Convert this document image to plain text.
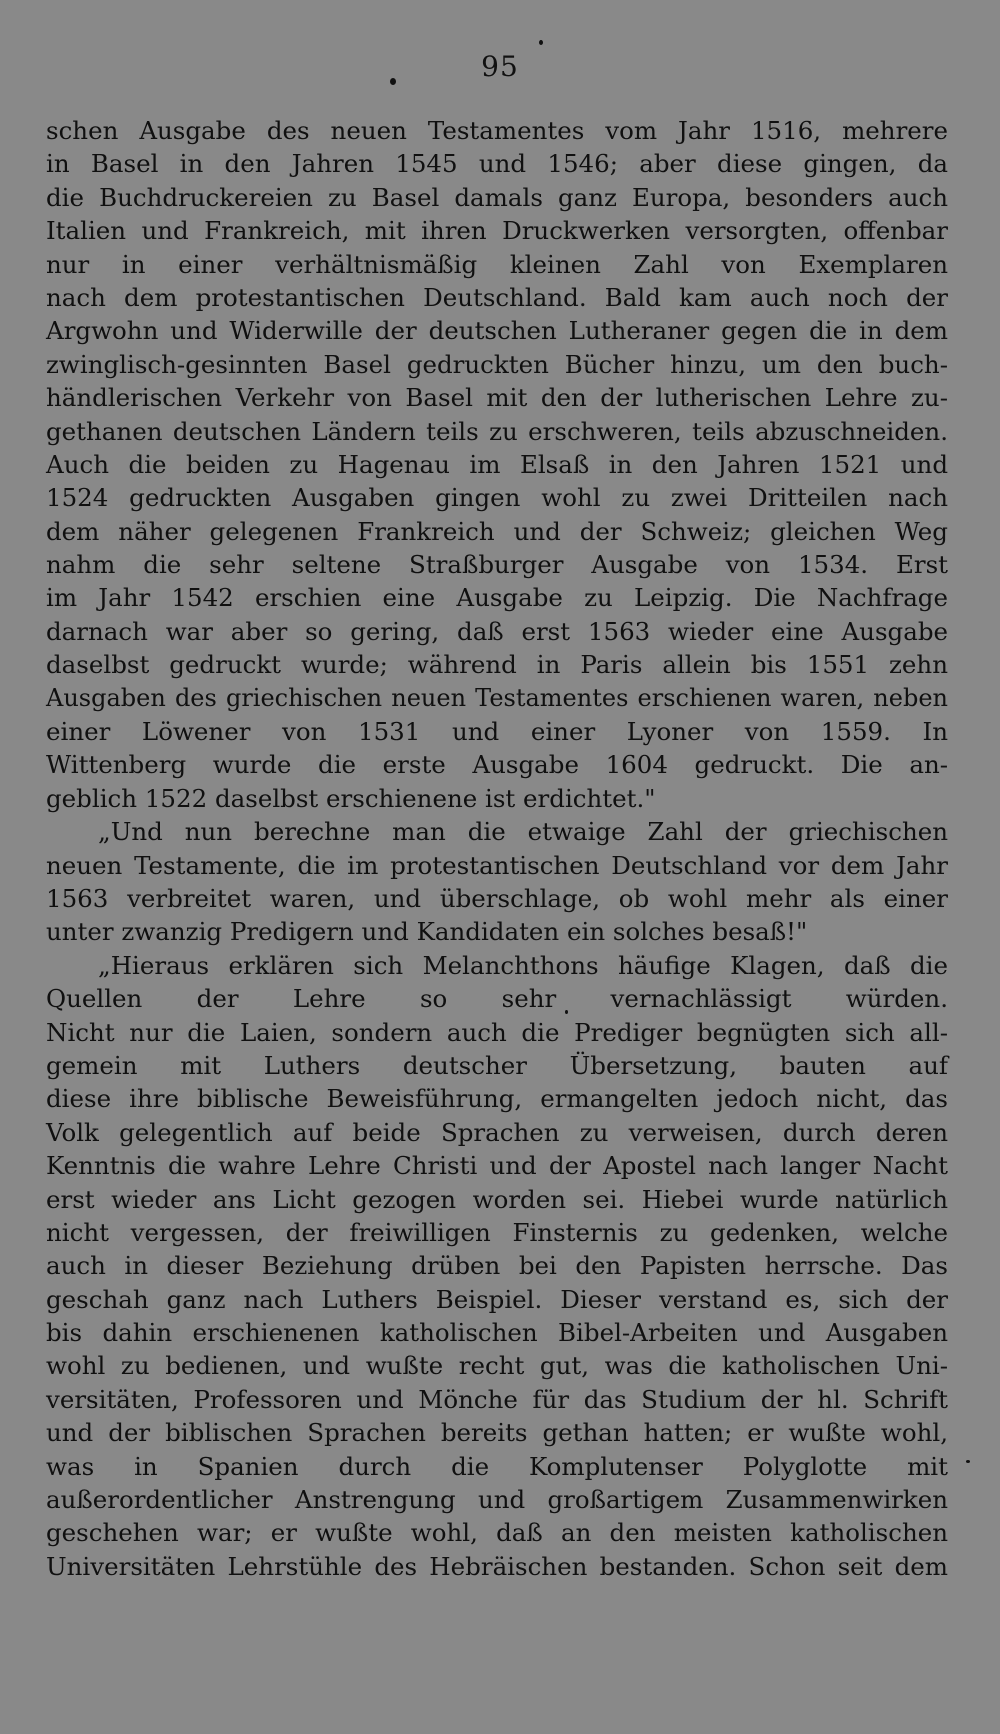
95
schen Ausgabe des neuen Testamentes vom Jahr 1516, mehrere
in Basel in den Jahren 1545 und 1546; aber diese gingen, da
die Buchdruckereien zu Basel damals ganz Europa, besonders auch
Italien und Frankreich, mit ihren Druckwerken versorgten, offenbar
nur in einer verhältnismäßig kleinen Zahl von Exemplaren
nach dem protestantischen Deutschland. Bald kam auch noch der
Argwohn und Widerwille der deutschen Lutheraner gegen die in dem
zwinglisch-gesinnten Basel gedruckten Bücher hinzu, um den buch-
händlerischen Verkehr von Basel mit den der lutherischen Lehre zu-
gethanen deutschen Ländern teils zu erschweren, teils abzuschneiden.
Auch die beiden zu Hagenau im Elsaß in den Jahren 1521 und
1524 gedruckten Ausgaben gingen wohl zu zwei Dritteilen nach
dem näher gelegenen Frankreich und der Schweiz; gleichen Weg
nahm die sehr seltene Straßburger Ausgabe von 1534. Erst
im Jahr 1542 erschien eine Ausgabe zu Leipzig. Die Nachfrage
darnach war aber so gering, daß erst 1563 wieder eine Ausgabe
daselbst gedruckt wurde; während in Paris allein bis 1551 zehn
Ausgaben des griechischen neuen Testamentes erschienen waren, neben
einer Löwener von 1531 und einer Lyoner von 1559. In
Wittenberg wurde die erste Ausgabe 1604 gedruckt. Die an-
geblich 1522 daselbst erschienene ist erdichtet."
„Und nun berechne man die etwaige Zahl der griechischen
neuen Testamente, die im protestantischen Deutschland vor dem Jahr
1563 verbreitet waren, und überschlage, ob wohl mehr als einer
unter zwanzig Predigern und Kandidaten ein solches besaß!"
„Hieraus erklären sich Melanchthons häufige Klagen, daß die
Quellen der Lehre so sehr vernachlässigt würden.
Nicht nur die Laien, sondern auch die Prediger begnügten sich all-
gemein mit Luthers deutscher Übersetzung, bauten auf
diese ihre biblische Beweisführung, ermangelten jedoch nicht, das
Volk gelegentlich auf beide Sprachen zu verweisen, durch deren
Kenntnis die wahre Lehre Christi und der Apostel nach langer Nacht
erst wieder ans Licht gezogen worden sei. Hiebei wurde natürlich
nicht vergessen, der freiwilligen Finsternis zu gedenken, welche
auch in dieser Beziehung drüben bei den Papisten herrsche. Das
geschah ganz nach Luthers Beispiel. Dieser verstand es, sich der
bis dahin erschienenen katholischen Bibel-Arbeiten und Ausgaben
wohl zu bedienen, und wußte recht gut, was die katholischen Uni-
versitäten, Professoren und Mönche für das Studium der hl. Schrift
und der biblischen Sprachen bereits gethan hatten; er wußte wohl,
was in Spanien durch die Komplutenser Polyglotte mit
außerordentlicher Anstrengung und großartigem Zusammenwirken
geschehen war; er wußte wohl, daß an den meisten katholischen
Universitäten Lehrstühle des Hebräischen bestanden. Schon seit dem
